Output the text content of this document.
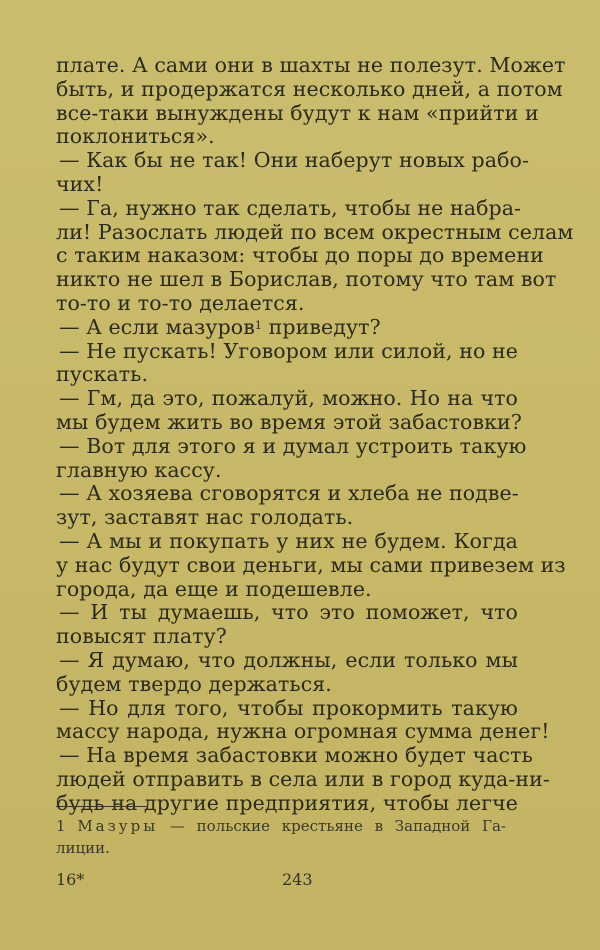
плате. А сами они в шахты не полезут. Может
быть, и продержатся несколько дней, а потом
все-таки вынуждены будут к нам «прийти и
поклониться».
— Как бы не так! Они наберут новых рабо-
чих!
— Га, нужно так сделать, чтобы не набра-
ли! Разослать людей по всем окрестным селам
с таким наказом: чтобы до поры до времени
никто не шел в Борислав, потому что там вот
то-то и то-то делается.
— А если мазуров$^1$ приведут?
— Не пускать! Уговором или силой, но не
пускать.
— Гм, да это, пожалуй, можно. Но на что
мы будем жить во время этой забастовки?
— Вот для этого я и думал устроить такую
главную кассу.
— А хозяева сговорятся и хлеба не подве-
зут, заставят нас голодать.
— А мы и покупать у них не будем. Когда
у нас будут свои деньги, мы сами привезем из
города, да еще и подешевле.
— И ты думаешь, что это поможет, что
повысят плату?
— Я думаю, что должны, если только мы
будем твердо держаться.
— Но для того, чтобы прокормить такую
массу народа, нужна огромная сумма денег!
— На время забастовки можно будет часть
людей отправить в села или в город куда-ни-
будь на другие предприятия, чтобы легче
1 Мазуры — польские крестьяне в Западной Га-
лиции.
16*	243
